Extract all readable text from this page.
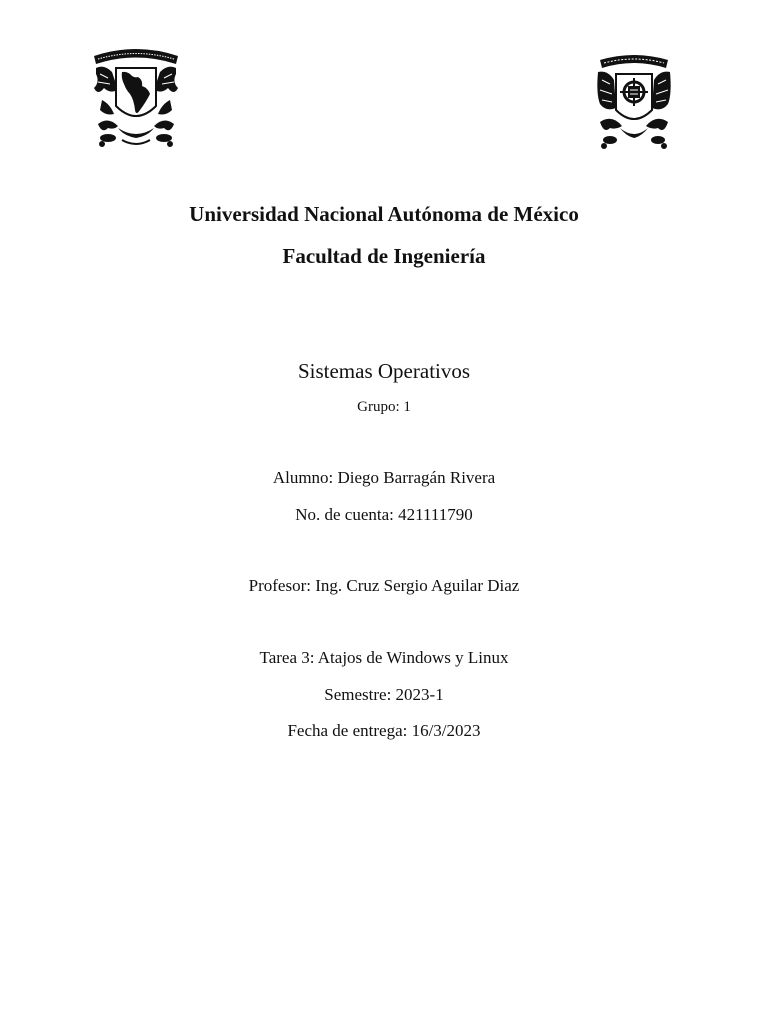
Universidad Nacional Autónoma de México
Facultad de Ingeniería
Sistemas Operativos
Grupo: 1
Alumno: Diego Barragán Rivera
No. de cuenta: 421111790
Profesor: Ing. Cruz Sergio Aguilar Diaz
Tarea 3: Atajos de Windows y Linux
Semestre: 2023-1
Fecha de entrega: 16/3/2023
